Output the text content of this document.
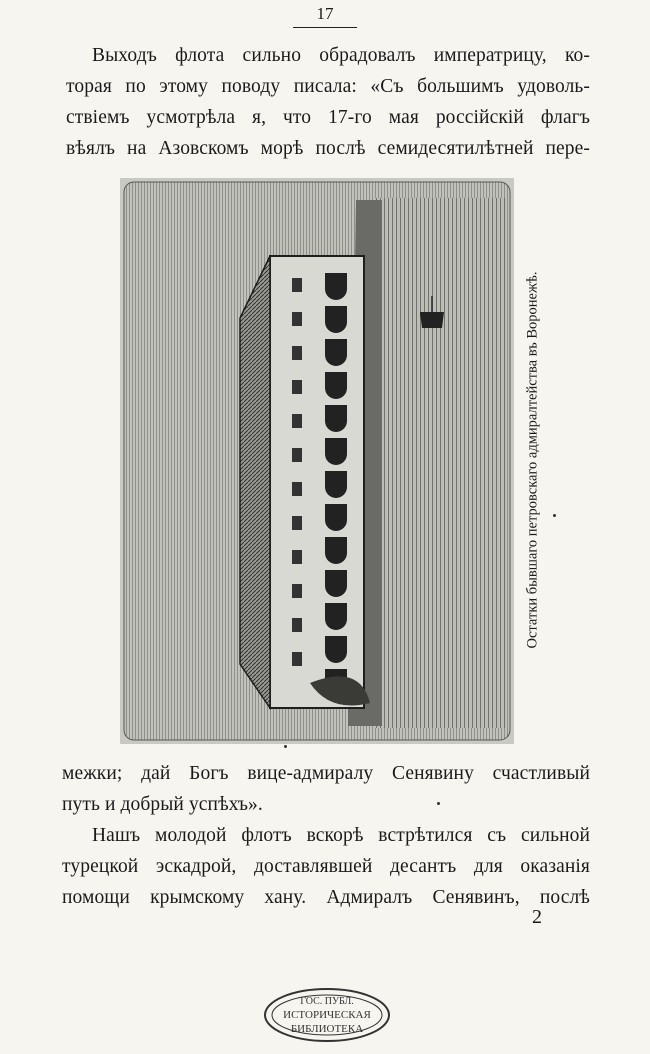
17
Выходъ флота сильно обрадовалъ императрицу, ко-
торая по этому поводу писала: «Съ большимъ удоволь-
ствіемъ усмотрѣла я, что 17-го мая россійскій флагъ
вѣялъ на Азовскомъ морѣ послѣ семидесятилѣтней пере-
Остатки бывшаго петровскаго адмиралтейства въ Воронежѣ.
межки; дай Богъ вице-адмиралу Сенявину счастливый
путь и добрый успѣхъ».
Нашъ молодой флотъ вскорѣ встрѣтился съ сильной
турецкой эскадрой, доставлявшей десантъ для оказанія
помощи крымскому хану. Адмиралъ Сенявинъ, послѣ
2
ГОС. ПУБЛ.
ИСТОРИЧЕСКАЯ
БИБЛИОТЕКА
